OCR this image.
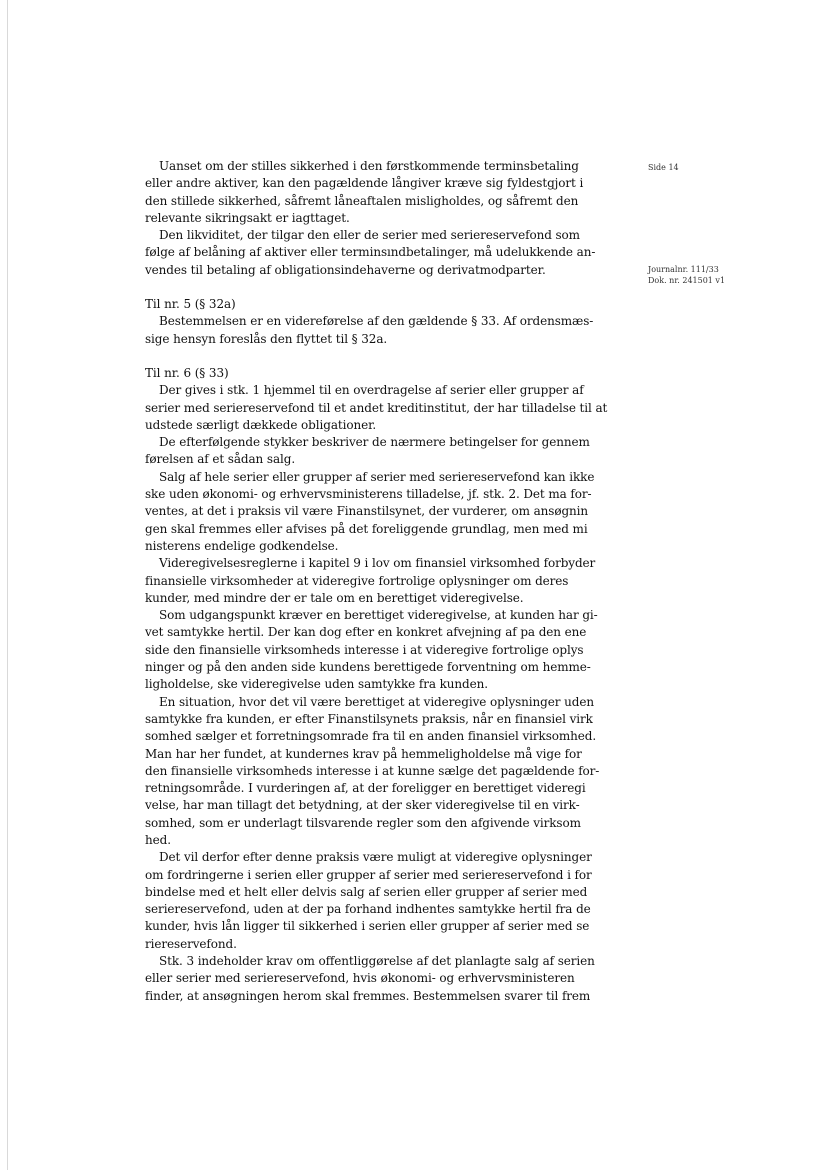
Side 14
Journalnr. 111/33
Dok. nr. 241501 v1
Uanset om der stilles sikkerhed i den førstkommende terminsbetaling
eller andre aktiver, kan den pagældende långiver kræve sig fyldestgjort i
den stillede sikkerhed, såfremt låneaftalen misligholdes, og såfremt den
relevante sikringsakt er iagttaget.
Den likviditet, der tilgar den eller de serier med seriereservefond som
følge af belåning af aktiver eller terminsındbetalinger, må udelukkende an-
vendes til betaling af obligationsindehaverne og derivatmodparter.
Til nr. 5 (§ 32a)
Bestemmelsen er en videreførelse af den gældende § 33. Af ordensmæs-
sige hensyn foreslås den flyttet til § 32a.
Til nr. 6 (§ 33)
Der gives i stk. 1 hjemmel til en overdragelse af serier eller grupper af
serier med seriereservefond til et andet kreditinstitut, der har tilladelse til at
udstede særligt dækkede obligationer.
De efterfølgende stykker beskriver de nærmere betingelser for gennem
førelsen af et sådan salg.
Salg af hele serier eller grupper af serier med seriereservefond kan ikke
ske uden økonomi- og erhvervsministerens tilladelse, jf. stk. 2. Det ma for-
ventes, at det i praksis vil være Finanstilsynet, der vurderer, om ansøgnin
gen skal fremmes eller afvises på det foreliggende grundlag, men med mi
nisterens endelige godkendelse.
Videregivelsesreglerne i kapitel 9 i lov om finansiel virksomhed forbyder
finansielle virksomheder at videregive fortrolige oplysninger om deres
kunder, med mindre der er tale om en berettiget videregivelse.
Som udgangspunkt kræver en berettiget videregivelse, at kunden har gi-
vet samtykke hertil. Der kan dog efter en konkret afvejning af pa den ene
side den finansielle virksomheds interesse i at videregive fortrolige oplys
ninger og på den anden side kundens berettigede forventning om hemme-
ligholdelse, ske videregivelse uden samtykke fra kunden.
En situation, hvor det vil være berettiget at videregive oplysninger uden
samtykke fra kunden, er efter Finanstilsynets praksis, når en finansiel virk
somhed sælger et forretningsomrade fra til en anden finansiel virksomhed.
Man har her fundet, at kundernes krav på hemmeligholdelse må vige for
den finansielle virksomheds interesse i at kunne sælge det pagældende for-
retningsområde. I vurderingen af, at der foreligger en berettiget videregi
velse, har man tillagt det betydning, at der sker videregivelse til en virk-
somhed, som er underlagt tilsvarende regler som den afgivende virksom
hed.
Det vil derfor efter denne praksis være muligt at videregive oplysninger
om fordringerne i serien eller grupper af serier med seriereservefond i for
bindelse med et helt eller delvis salg af serien eller grupper af serier med
seriereservefond, uden at der pa forhand indhentes samtykke hertil fra de
kunder, hvis lån ligger til sikkerhed i serien eller grupper af serier med se
riereservefond.
Stk. 3 indeholder krav om offentliggørelse af det planlagte salg af serien
eller serier med seriereservefond, hvis økonomi- og erhvervsministeren
finder, at ansøgningen herom skal fremmes. Bestemmelsen svarer til frem
